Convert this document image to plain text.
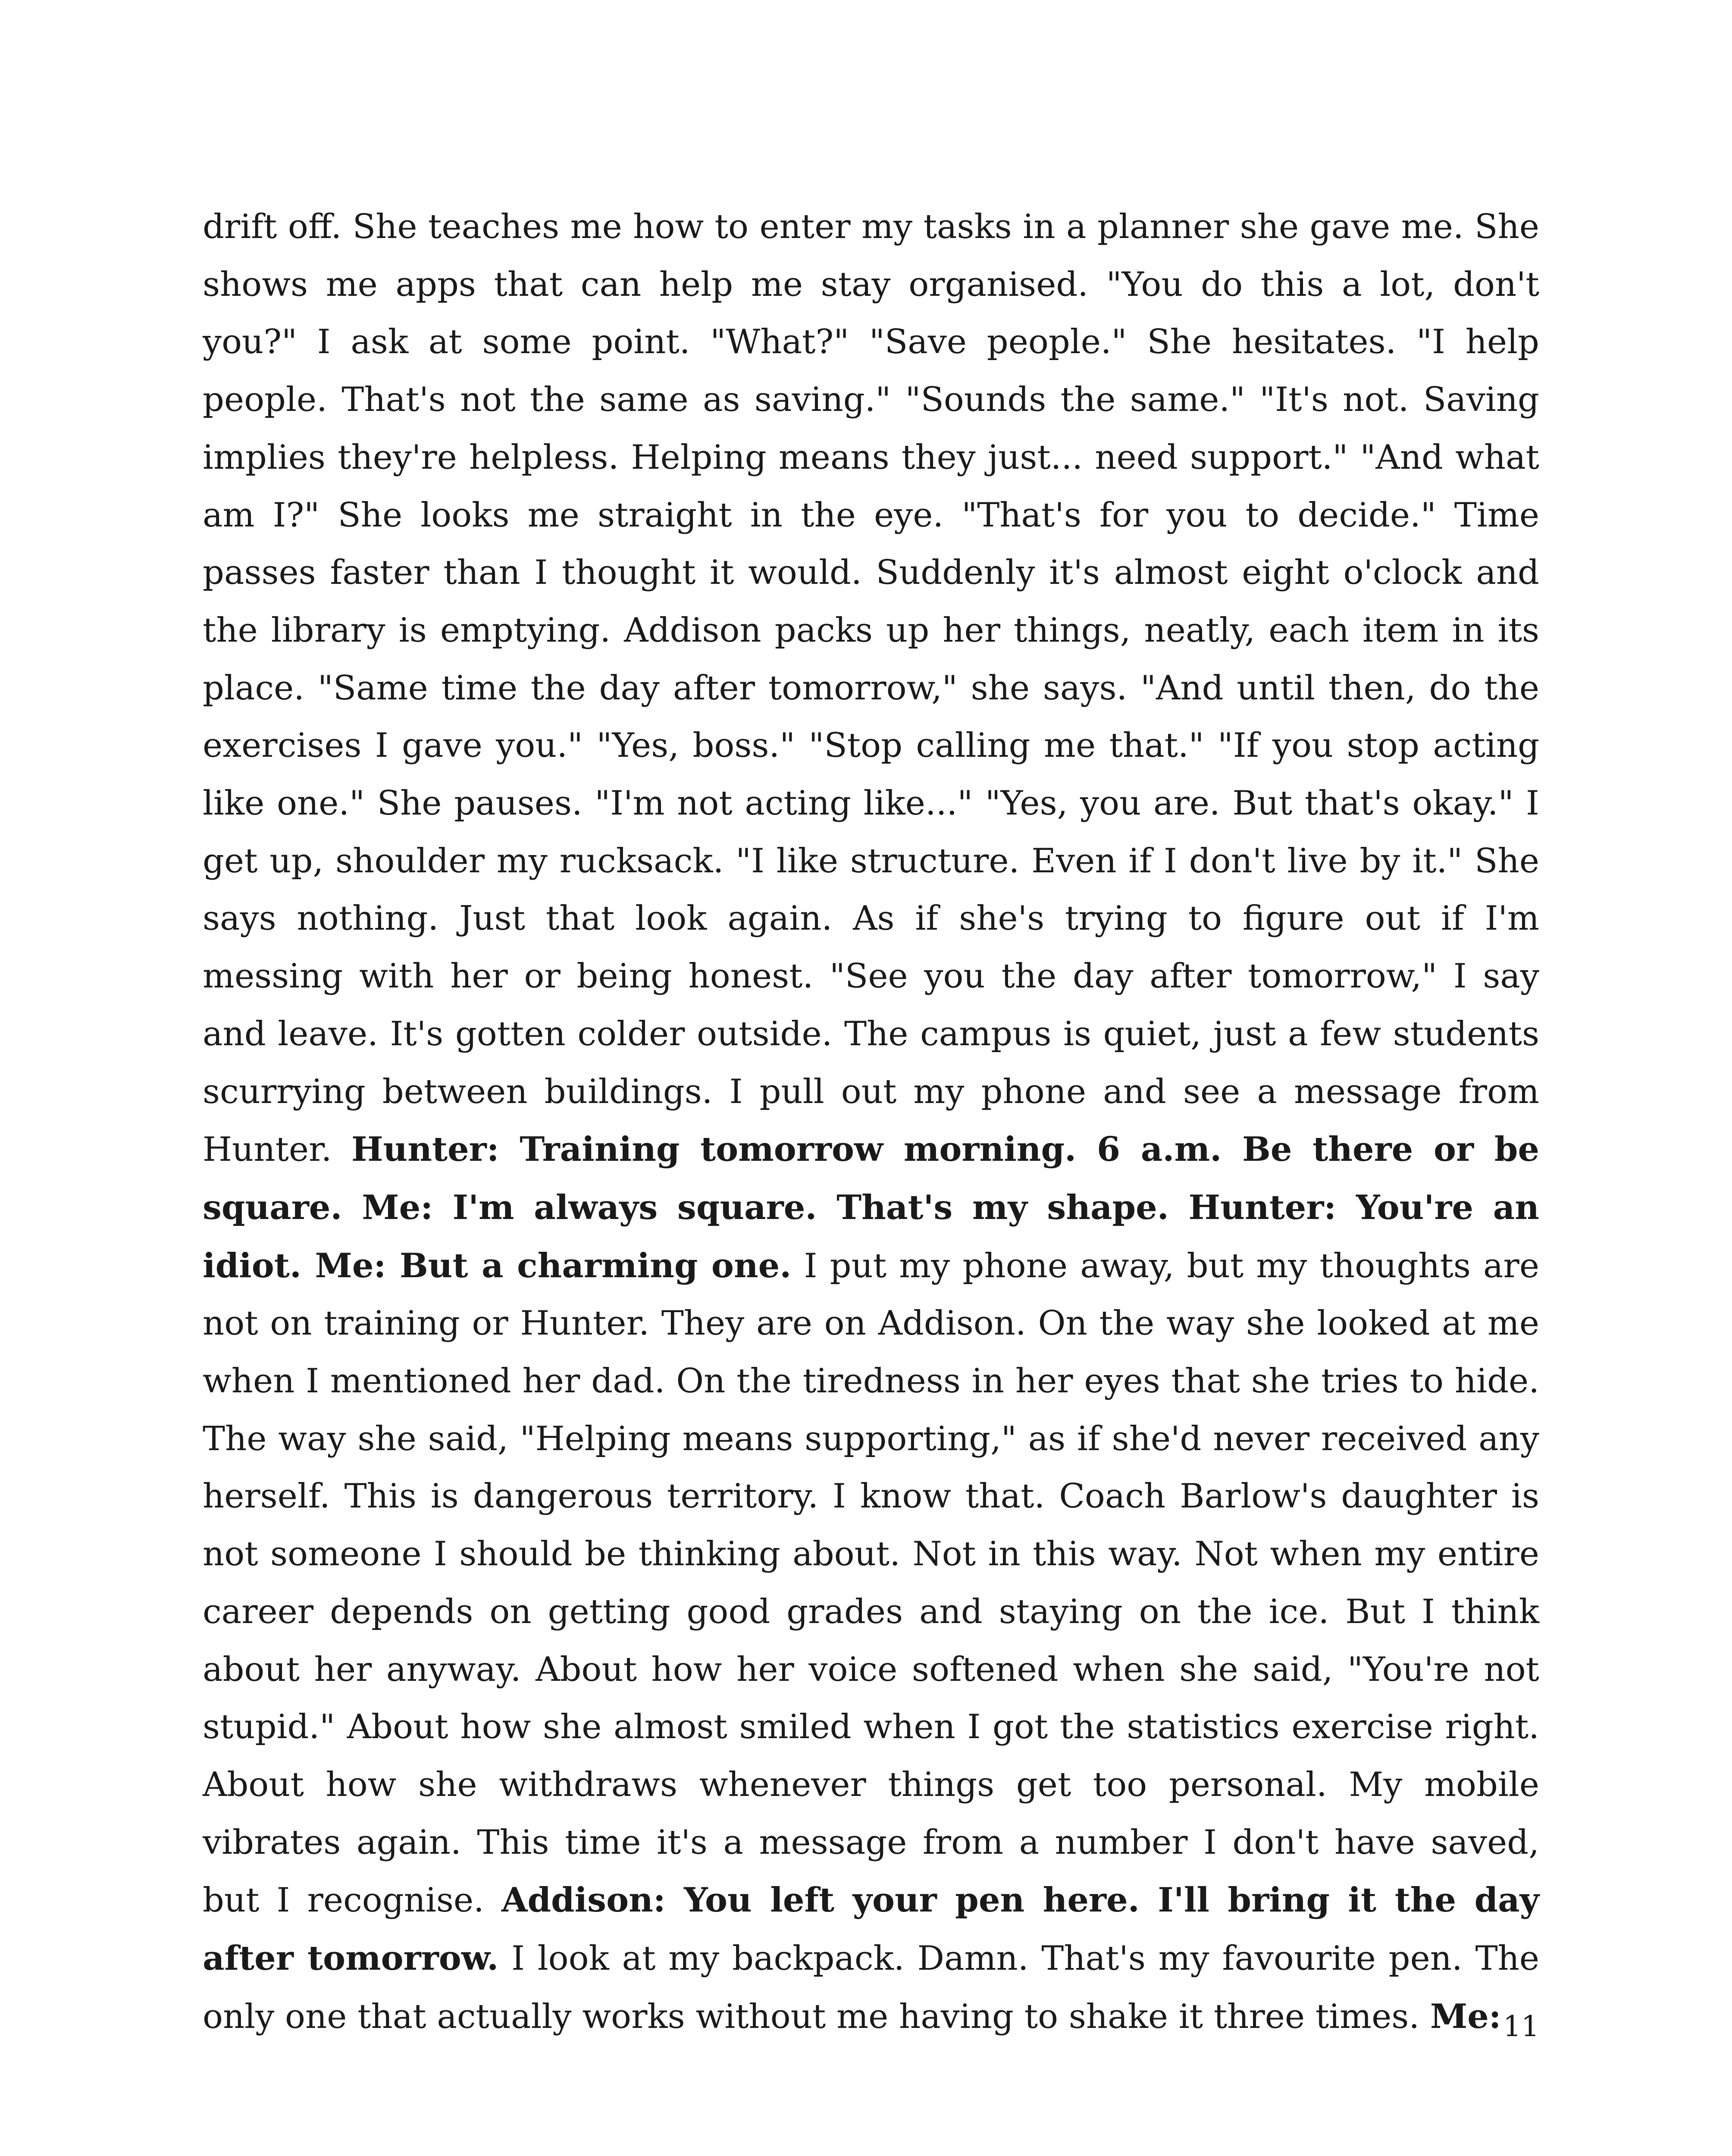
drift off. She teaches me how to enter my tasks in a planner she gave me. She shows me apps that can help me stay organised. "You do this a lot, don't you?" I ask at some point. "What?" "Save people." She hesitates. "I help people. That's not the same as saving." "Sounds the same." "It's not. Saving implies they're helpless. Helping means they just... need support." "And what am I?" She looks me straight in the eye. "That's for you to decide." Time passes faster than I thought it would. Suddenly it's almost eight o'clock and the library is emptying. Addison packs up her things, neatly, each item in its place. "Same time the day after tomorrow," she says. "And until then, do the exercises I gave you." "Yes, boss." "Stop calling me that." "If you stop acting like one." She pauses. "I'm not acting like..." "Yes, you are. But that's okay." I get up, shoulder my rucksack. "I like structure. Even if I don't live by it." She says nothing. Just that look again. As if she's trying to figure out if I'm messing with her or being honest. "See you the day after tomorrow," I say and leave. It's gotten colder outside. The campus is quiet, just a few students scurrying between buildings. I pull out my phone and see a message from Hunter. Hunter: Training tomorrow morning. 6 a.m. Be there or be square. Me: I'm always square. That's my shape. Hunter: You're an idiot. Me: But a charming one. I put my phone away, but my thoughts are not on training or Hunter. They are on Addison. On the way she looked at me when I mentioned her dad. On the tiredness in her eyes that she tries to hide. The way she said, "Helping means supporting," as if she'd never received any herself. This is dangerous territory. I know that. Coach Barlow's daughter is not someone I should be thinking about. Not in this way. Not when my entire career depends on getting good grades and staying on the ice. But I think about her anyway. About how her voice softened when she said, "You're not stupid." About how she almost smiled when I got the statistics exercise right. About how she withdraws whenever things get too personal. My mobile vibrates again. This time it's a message from a number I don't have saved, but I recognise. Addison: You left your pen here. I'll bring it the day after tomorrow. I look at my backpack. Damn. That's my favourite pen. The only one that actually works without me having to shake it three times. Me: 11
